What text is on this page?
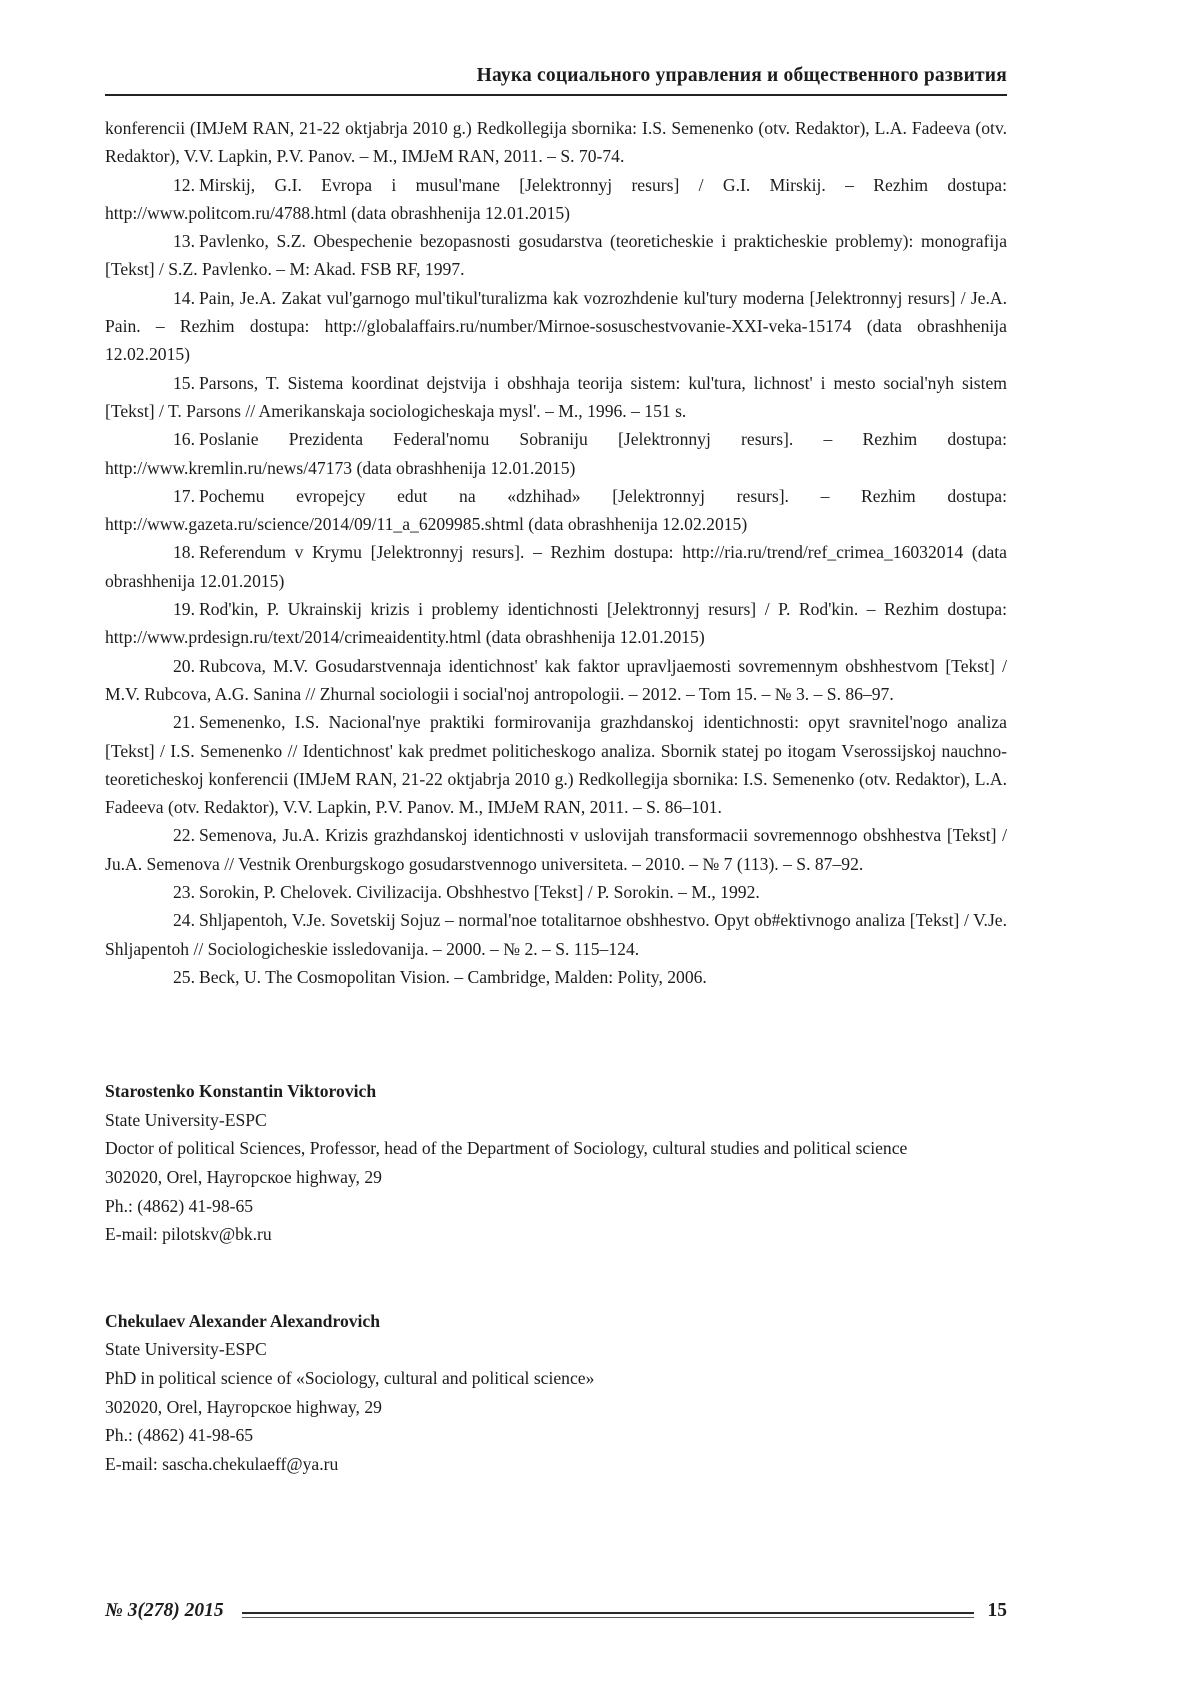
Наука социального управления и общественного развития

konferencii (IMJeM RAN, 21-22 oktjabrja 2010 g.) Redkollegija sbornika: I.S. Semenenko (otv. Redaktor), L.A. Fadeeva (otv. Redaktor), V.V. Lapkin, P.V. Panov. – M., IMJeM RAN, 2011. – S. 70-74.

12. Mirskij, G.I. Evropa i musul'mane [Jelektronnyj resurs] / G.I. Mirskij. – Rezhim dostupa: http://www.politcom.ru/4788.html (data obrashhenija 12.01.2015)

13. Pavlenko, S.Z. Obespechenie bezopasnosti gosudarstva (teoreticheskie i prakticheskie problemy): monografija [Tekst] / S.Z. Pavlenko. – M: Akad. FSB RF, 1997.

14. Pain, Je.A. Zakat vul'garnogo mul'tikul'turalizma kak vozrozhdenie kul'tury moderna [Jelektronnyj resurs] / Je.A. Pain. – Rezhim dostupa: http://globalaffairs.ru/number/Mirnoe-sosuschestvovanie-XXI-veka-15174 (data obrashhenija 12.02.2015)

15. Parsons, T. Sistema koordinat dejstvija i obshhaja teorija sistem: kul'tura, lichnost' i mesto social'nyh sistem [Tekst] / T. Parsons // Amerikanskaja sociologicheskaja mysl'. – M., 1996. – 151 s.

16. Poslanie Prezidenta Federal'nomu Sobraniju [Jelektronnyj resurs]. – Rezhim dostupa: http://www.kremlin.ru/news/47173 (data obrashhenija 12.01.2015)

17. Pochemu evropejcy edut na «dzhihad» [Jelektronnyj resurs]. – Rezhim dostupa: http://www.gazeta.ru/science/2014/09/11_a_6209985.shtml (data obrashhenija 12.02.2015)

18. Referendum v Krymu [Jelektronnyj resurs]. – Rezhim dostupa: http://ria.ru/trend/ref_crimea_16032014 (data obrashhenija 12.01.2015)

19. Rod'kin, P. Ukrainskij krizis i problemy identichnosti [Jelektronnyj resurs] / P. Rod'kin. – Rezhim dostupa: http://www.prdesign.ru/text/2014/crimeaidentity.html (data obrashhenija 12.01.2015)

20. Rubcova, M.V. Gosudarstvennaja identichnost' kak faktor upravljaemosti sovremennym obshhestvom [Tekst] / M.V. Rubcova, A.G. Sanina // Zhurnal sociologii i social'noj antropologii. – 2012. – Tom 15. – № 3. – S. 86–97.

21. Semenenko, I.S. Nacional'nye praktiki formirovanija grazhdanskoj identichnosti: opyt sravnitel'nogo analiza [Tekst] / I.S. Semenenko // Identichnost' kak predmet politicheskogo analiza. Sbornik statej po itogam Vserossijskoj nauchno-teoreticheskoj konferencii (IMJeM RAN, 21-22 oktjabrja 2010 g.) Redkollegija sbornika: I.S. Semenenko (otv. Redaktor), L.A. Fadeeva (otv. Redaktor), V.V. Lapkin, P.V. Panov. M., IMJeM RAN, 2011. – S. 86–101.

22. Semenova, Ju.A. Krizis grazhdanskoj identichnosti v uslovijah transformacii sovremennogo obshhestva [Tekst] / Ju.A. Semenova // Vestnik Orenburgskogo gosudarstvennogo universiteta. – 2010. – № 7 (113). – S. 87–92.

23. Sorokin, P. Chelovek. Civilizacija. Obshhestvo [Tekst] / P. Sorokin. – M., 1992.

24. Shljapentoh, V.Je. Sovetskij Sojuz – normal'noe totalitarnoe obshhestvo. Opyt ob#ektivnogo analiza [Tekst] / V.Je. Shljapentoh // Sociologicheskie issledovanija. – 2000. – № 2. – S. 115–124.

25. Beck, U. The Cosmopolitan Vision. – Cambridge, Malden: Polity, 2006.

Starostenko Konstantin Viktorovich
State University-ESPC
Doctor of political Sciences, Professor, head of the Department of Sociology, cultural studies and political science
302020, Orel, Наугорское highway, 29
Ph.: (4862) 41-98-65
E-mail: pilotskv@bk.ru
Chekulaev Alexander Alexandrovich
State University-ESPC
PhD in political science of «Sociology, cultural and political science»
302020, Orel, Наугорское highway, 29
Ph.: (4862) 41-98-65
E-mail: sascha.chekulaeff@ya.ru
№ 3(278) 2015	15
